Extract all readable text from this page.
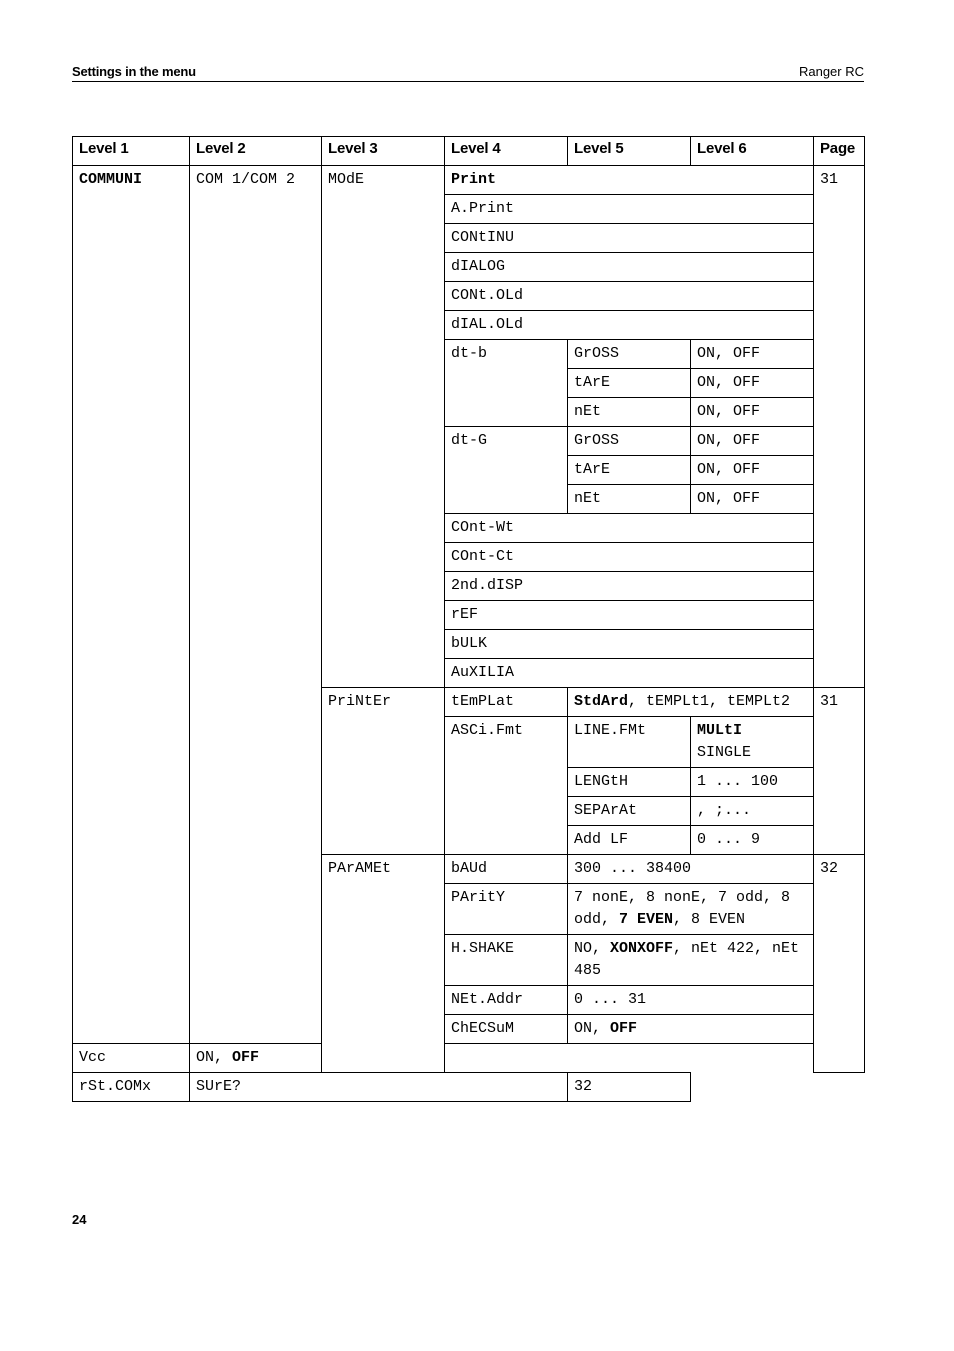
Settings in the menu	Ranger RC
Level 1	Level 2	Level 3	Level 4	Level 5	Level 6	Page
COMMUNI	COM 1/COM 2	MOdE	Print			31
			A.Print			
			CONtINU			
			dIALOG			
			CONt.OLd			
			dIAL.OLd			
			dt-b	GrOSS	ON, OFF	
				tArE	ON, OFF	
				nEt	ON, OFF	
			dt-G	GrOSS	ON, OFF	
				tArE	ON, OFF	
				nEt	ON, OFF	
			COnt-Wt			
			COnt-Ct			
			2nd.dISP			
			rEF			
			bULK			
			AuXILIA			
		PriNtEr	tEmPLat	StdArd, tEMPLt1, tEMPLt2		31
			ASCi.Fmt	LINE.FMt	MULtI
SINGLE	
				LENGtH	1 ... 100	
				SEPArAt	, ;...	
				Add LF	0 ... 9	
		PArAMEt	bAUd	300 ... 38400		32
			PAritY	7 nonE, 8 nonE, 7 odd, 8 odd, 7 EVEN, 8 EVEN		
			H.SHAKE	NO, XONXOFF, nEt 422, nEt 485		
			NEt.Addr	0 ... 31		
			ChECSuM	ON, OFF		
Vcc	ON, OFF					
rSt.COMx	SUrE?			32		
24
